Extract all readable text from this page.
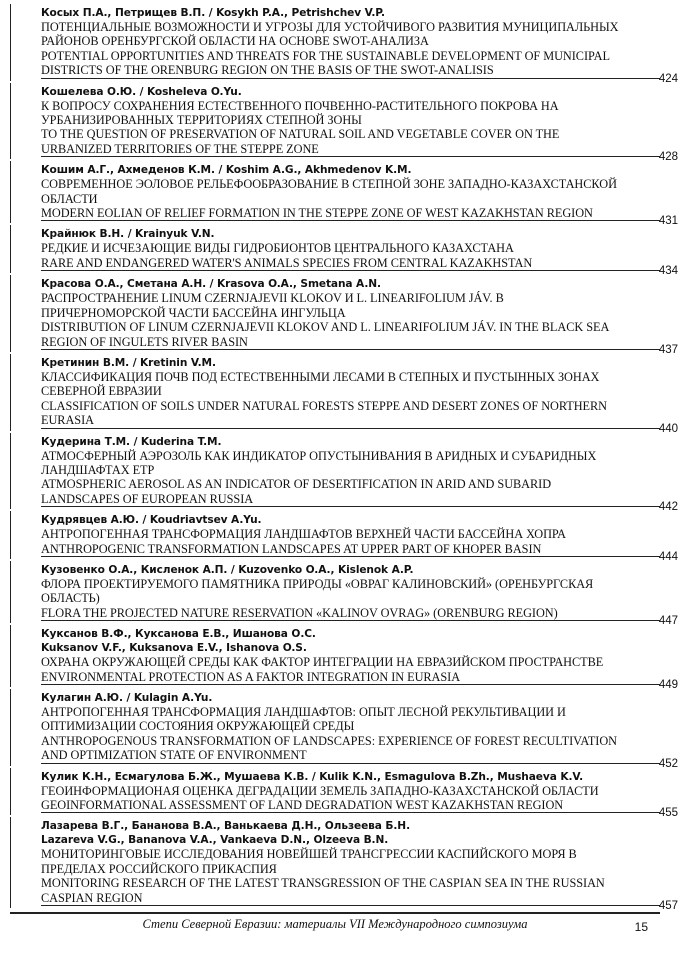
Косых П.А., Петрищев В.П. / Kosykh P.A., Petrishchev V.P.
ПОТЕНЦИАЛЬНЫЕ ВОЗМОЖНОСТИ И УГРОЗЫ ДЛЯ УСТОЙЧИВОГО РАЗВИТИЯ МУНИЦИПАЛЬНЫХ РАЙОНОВ ОРЕНБУРГСКОЙ ОБЛАСТИ НА ОСНОВЕ SWOT-АНАЛИЗА
POTENTIAL OPPORTUNITIES AND THREATS FOR THE SUSTAINABLE DEVELOPMENT OF MUNICIPAL DISTRICTS OF THE ORENBURG REGION ON THE BASIS OF THE SWOT-ANALISIS
424
Кошелева О.Ю. / Kosheleva O.Yu.
К ВОПРОСУ СОХРАНЕНИЯ ЕСТЕСТВЕННОГО ПОЧВЕННО-РАСТИТЕЛЬНОГО ПОКРОВА НА УРБАНИЗИРОВАННЫХ ТЕРРИТОРИЯХ СТЕПНОЙ ЗОНЫ
TO THE QUESTION OF PRESERVATION OF NATURAL SOIL AND VEGETABLE COVER ON THE URBANIZED TERRITORIES OF THE STEPPE ZONE
428
Кошим А.Г., Ахмеденов К.М. / Koshim A.G., Akhmedenov K.M.
СОВРЕМЕННОЕ ЭОЛОВОЕ РЕЛЬЕФООБРАЗОВАНИЕ В СТЕПНОЙ ЗОНЕ ЗАПАДНО-КАЗАХСТАНСКОЙ ОБЛАСТИ
MODERN EOLIAN OF RELIEF FORMATION IN THE STEPPE ZONE OF WEST KAZAKHSTAN REGION
431
Крайнюк В.Н. / Krainyuk V.N.
РЕДКИЕ И ИСЧЕЗАЮЩИЕ ВИДЫ ГИДРОБИОНТОВ ЦЕНТРАЛЬНОГО КАЗАХСТАНА
RARE AND ENDANGERED WATER'S ANIMALS SPECIES FROM CENTRAL KAZAKHSTAN
434
Красова О.А., Сметана А.Н. / Krasova O.A., Smetana A.N.
РАСПРОСТРАНЕНИЕ LINUM CZERNJAJEVII KLOKOV И L. LINEARIFOLIUM JÁV. В ПРИЧЕРНОМОРСКОЙ ЧАСТИ БАССЕЙНА ИНГУЛЬЦА
DISTRIBUTION OF LINUM CZERNJAJEVII KLOKOV AND L. LINEARIFOLIUM JÁV. IN THE BLACK SEA REGION OF INGULETS RIVER BASIN
437
Кретинин В.М. / Kretinin V.M.
КЛАССИФИКАЦИЯ ПОЧВ ПОД ЕСТЕСТВЕННЫМИ ЛЕСАМИ В СТЕПНЫХ И ПУСТЫННЫХ ЗОНАХ СЕВЕРНОЙ ЕВРАЗИИ
CLASSIFICATION OF SOILS UNDER NATURAL FORESTS STEPPE AND DESERT ZONES OF NORTHERN EURASIA
440
Кудерина Т.М. / Kuderina T.M.
АТМОСФЕРНЫЙ АЭРОЗОЛЬ КАК ИНДИКАТОР ОПУСТЫНИВАНИЯ В АРИДНЫХ И СУБАРИДНЫХ ЛАНДШАФТАХ ЕТР
ATMOSPHERIC AEROSOL AS AN INDICATOR OF DESERTIFICATION IN ARID AND SUBARID LANDSCAPES OF EUROPEAN RUSSIA
442
Кудрявцев А.Ю. / Koudriavtsev A.Yu.
АНТРОПОГЕННАЯ ТРАНСФОРМАЦИЯ ЛАНДШАФТОВ ВЕРХНЕЙ ЧАСТИ БАССЕЙНА ХОПРА
ANTHROPOGENIC TRANSFORMATION LANDSCAPES AT UPPER PART OF KHOPER BASIN
444
Кузовенко О.А., Кисленок А.П. / Kuzovenko O.A., Kislenok A.P.
ФЛОРА ПРОЕКТИРУЕМОГО ПАМЯТНИКА ПРИРОДЫ «ОВРАГ КАЛИНОВСКИЙ» (ОРЕНБУРГСКАЯ ОБЛАСТЬ)
FLORA THE PROJECTED NATURE RESERVATION «KALINOV OVRAG» (ORENBURG REGION)
447
Куксанов В.Ф., Куксанова Е.В., Ишанова О.С.
Kuksanov V.F., Kuksanova E.V., Ishanova O.S.
ОХРАНА ОКРУЖАЮЩЕЙ СРЕДЫ КАК ФАКТОР ИНТЕГРАЦИИ НА ЕВРАЗИЙСКОМ ПРОСТРАНСТВЕ
ENVIRONMENTAL PROTECTION AS A FAKTOR INTEGRATION IN EURASIA
449
Кулагин А.Ю. / Kulagin A.Yu.
АНТРОПОГЕННАЯ ТРАНСФОРМАЦИЯ ЛАНДШАФТОВ: ОПЫТ ЛЕСНОЙ РЕКУЛЬТИВАЦИИ И ОПТИМИЗАЦИИ СОСТОЯНИЯ ОКРУЖАЮЩЕЙ СРЕДЫ
ANTHROPOGENOUS TRANSFORMATION OF LANDSCAPES: EXPERIENCE OF FOREST RECULTIVATION AND OPTIMIZATION STATE OF ENVIRONMENT
452
Кулик К.Н., Есмагулова Б.Ж., Мушаева К.В. / Kulik K.N., Esmagulova B.Zh., Mushaeva K.V.
ГЕОИНФОРМАЦИОНАЯ ОЦЕНКА ДЕГРАДАЦИИ ЗЕМЕЛЬ ЗАПАДНО-КАЗАХСТАНСКОЙ ОБЛАСТИ
GEOINFORMATIONAL ASSESSMENT OF LAND DEGRADATION WEST KAZAKHSTAN REGION
455
Лазарева В.Г., Бананова В.А., Ванькаева Д.Н., Ользеева Б.Н.
Lazareva V.G., Bananova V.A., Vankaeva D.N., Olzeeva B.N.
МОНИТОРИНГОВЫЕ ИССЛЕДОВАНИЯ НОВЕЙШЕЙ ТРАНСГРЕССИИ КАСПИЙСКОГО МОРЯ В ПРЕДЕЛАХ РОССИЙСКОГО ПРИКАСПИЯ
MONITORING RESEARCH OF THE LATEST TRANSGRESSION OF THE CASPIAN SEA IN THE RUSSIAN CASPIAN REGION
457
Степи Северной Евразии: материалы VII Международного симпозиума	15
